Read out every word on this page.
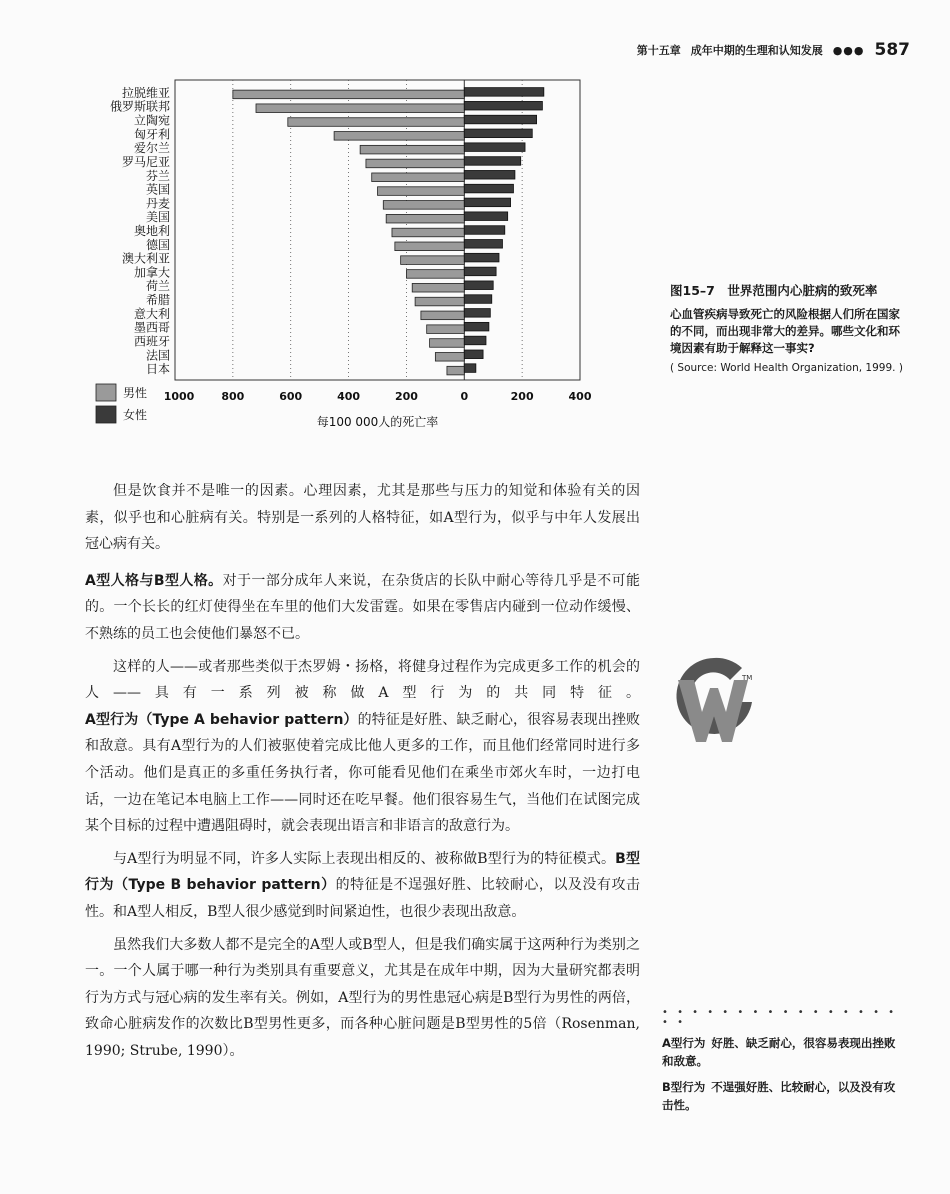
第十五章 成年中期的生理和认知发展 ●●● 587
拉脱维亚
俄罗斯联邦
立陶宛
匈牙利
爱尔兰
罗马尼亚
芬兰
英国
丹麦
美国
奥地利
德国
澳大利亚
加拿大
荷兰
希腊
意大利
墨西哥
西班牙
法国
日本
1000 800	600	400	200	0	200	400
每100 000人的死亡率
男性
女性
图15–7　世界范围内心脏病的致死率
心血管疾病导致死亡的风险根据人们所在国家的不同，而出现非常大的差异。哪些文化和环境因素有助于解释这一事实?
( Source: World Health Organization, 1999. )

但是饮食并不是唯一的因素。心理因素，尤其是那些与压力的知觉和体验有关的因素，似乎也和心脏病有关。特别是一系列的人格特征，如A型行为，似乎与中年人发展出冠心病有关。

A型人格与B型人格。对于一部分成年人来说，在杂货店的长队中耐心等待几乎是不可能的。一个长长的红灯使得坐在车里的他们大发雷霆。如果在零售店内碰到一位动作缓慢、不熟练的员工也会使他们暴怒不已。

这样的人——或者那些类似于杰罗姆・扬格，将健身过程作为完成更多工作的机会的人——具有一系列被称做A型行为的共同特征。A型行为（Type A behavior pattern）的特征是好胜、缺乏耐心，很容易表现出挫败和敌意。具有A型行为的人们被驱使着完成比他人更多的工作，而且他们经常同时进行多个活动。他们是真正的多重任务执行者，你可能看见他们在乘坐市郊火车时，一边打电话，一边在笔记本电脑上工作——同时还在吃早餐。他们很容易生气，当他们在试图完成某个目标的过程中遭遇阻碍时，就会表现出语言和非语言的敌意行为。

与A型行为明显不同，许多人实际上表现出相反的、被称做B型行为的特征模式。B型行为（Type B behavior pattern）的特征是不逞强好胜、比较耐心，以及没有攻击性。和A型人相反，B型人很少感觉到时间紧迫性，也很少表现出敌意。

虽然我们大多数人都不是完全的A型人或B型人，但是我们确实属于这两种行为类别之一。一个人属于哪一种行为类别具有重要意义，尤其是在成年中期，因为大量研究都表明行为方式与冠心病的发生率有关。例如，A型行为的男性患冠心病是B型行为男性的两倍，致命心脏病发作的次数比B型男性更多，而各种心脏问题是B型男性的5倍（Rosenman, 1990; Strube, 1990）。

TM
• • • • • • • • • • • • • • • • • •
A型行为 好胜、缺乏耐心，很容易表现出挫败和敌意。
B型行为 不逞强好胜、比较耐心，以及没有攻击性。
